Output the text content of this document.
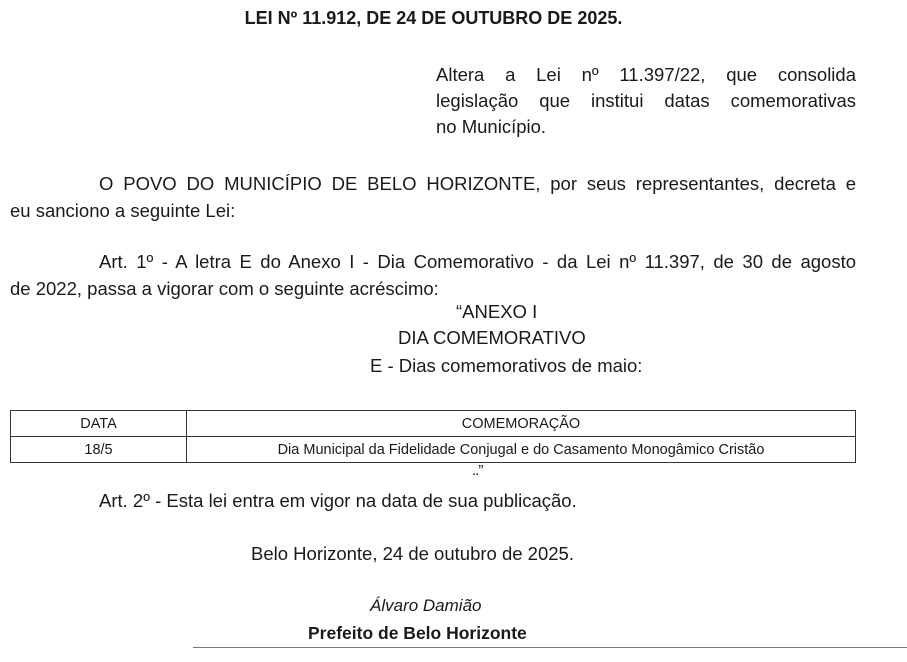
LEI Nº 11.912, DE 24 DE OUTUBRO DE 2025.
Altera a Lei nº 11.397/22, que consolida
legislação que institui datas comemorativas
no Município.
O POVO DO MUNICÍPIO DE BELO HORIZONTE, por seus representantes, decreta e
eu sanciono a seguinte Lei:
Art. 1º - A letra E do Anexo I - Dia Comemorativo - da Lei nº 11.397, de 30 de agosto
de 2022, passa a vigorar com o seguinte acréscimo:
“ANEXO I
DIA COMEMORATIVO
E - Dias comemorativos de maio:
DATA	COMEMORAÇÃO
18/5	Dia Municipal da Fidelidade Conjugal e do Casamento Monogâmico Cristão
..”
Art. 2º - Esta lei entra em vigor na data de sua publicação.
Belo Horizonte, 24 de outubro de 2025.
Álvaro Damião
Prefeito de Belo Horizonte
